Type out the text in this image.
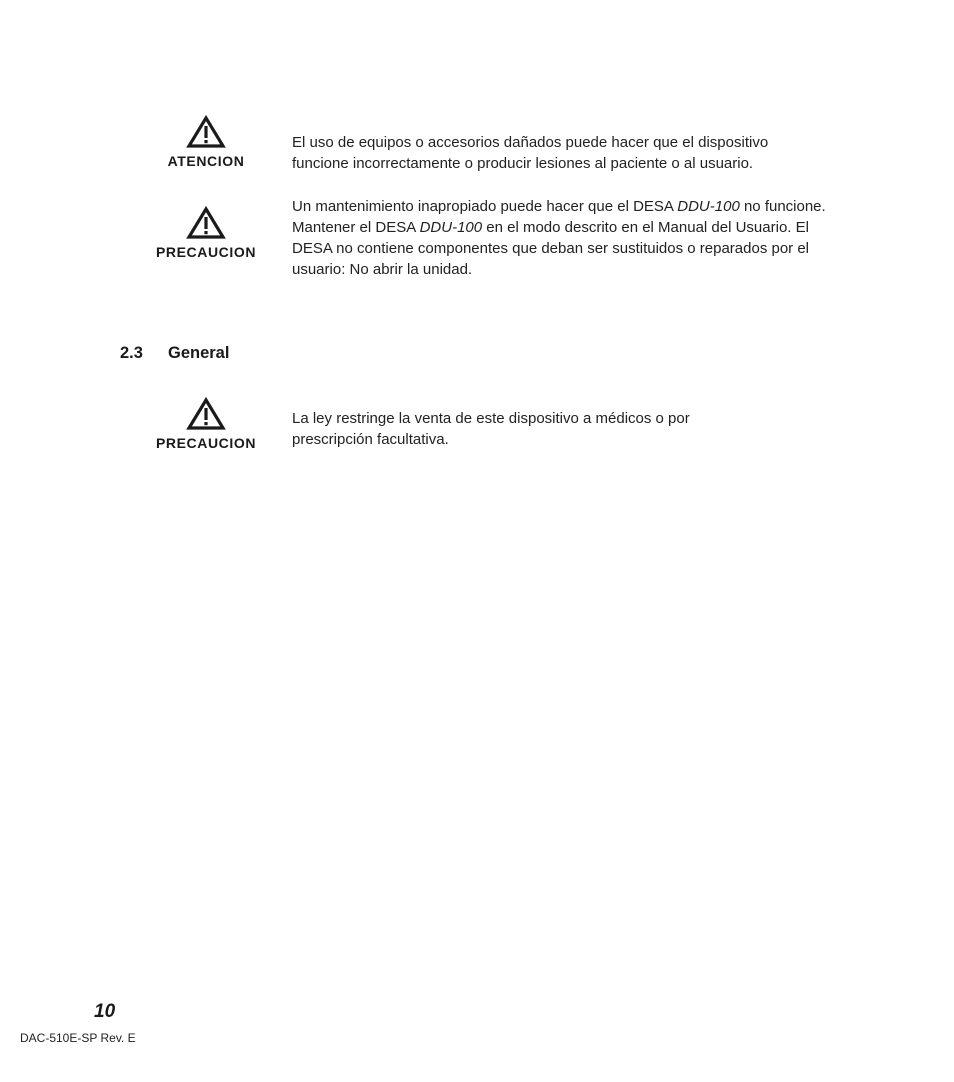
ATENCION
El uso de equipos o accesorios dañados puede hacer que el dispositivo funcione incorrectamente o producir lesiones al paciente o al usuario.
PRECAUCION
Un mantenimiento inapropiado puede hacer que el DESA DDU-100 no funcione. Mantener el DESA DDU-100 en el modo descrito en el Manual del Usuario. El DESA no contiene componentes que deban ser sustituidos o reparados por el usuario: No abrir la unidad.
2.3 General
PRECAUCION
La ley restringe la venta de este dispositivo a médicos o por prescripción facultativa.
10
DAC-510E-SP Rev. E
